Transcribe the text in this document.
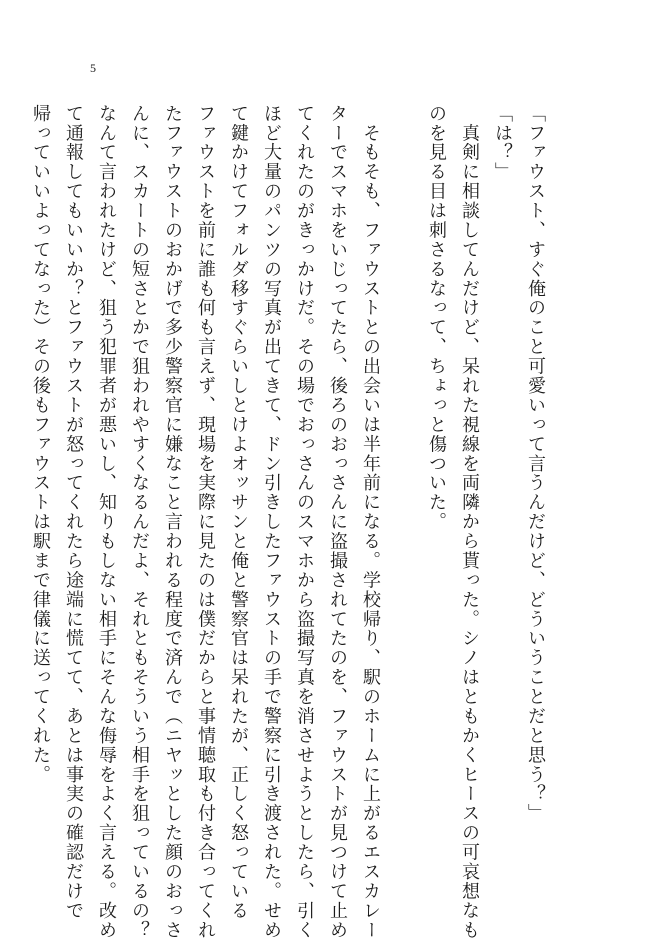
5
「ファウスト、すぐ俺のこと可愛いって言うんだけど、どういうことだと思う？」
「は？」
　真剣に相談してんだけど、呆れた視線を両隣から貰った。シノはともかくヒースの可哀想なも
のを見る目は刺さるなって、ちょっと傷ついた。
　そもそも、ファウストとの出会いは半年前になる。学校帰り、駅のホームに上がるエスカレー
ターでスマホをいじってたら、後ろのおっさんに盗撮されてたのを、ファウストが見つけて止め
てくれたのがきっかけだ。その場でおっさんのスマホから盗撮写真を消させようとしたら、引く
ほど大量のパンツの写真が出てきて、ドン引きしたファウストの手で警察に引き渡された。せめ
て鍵かけてフォルダ移すぐらいしとけよオッサンと俺と警察官は呆れたが、正しく怒っている
ファウストを前に誰も何も言えず、現場を実際に見たのは僕だからと事情聴取も付き合ってくれ
たファウストのおかげで多少警察官に嫌なこと言われる程度で済んで（ニヤッとした顔のおっさ
んに、スカートの短さとかで狙われやすくなるんだよ、それともそういう相手を狙っているの？
なんて言われたけど、狙う犯罪者が悪いし、知りもしない相手にそんな侮辱をよく言える。改め
て通報してもいいか？とファウストが怒ってくれたら途端に慌てて、あとは事実の確認だけで
帰っていいよってなった）その後もファウストは駅まで律儀に送ってくれた。
